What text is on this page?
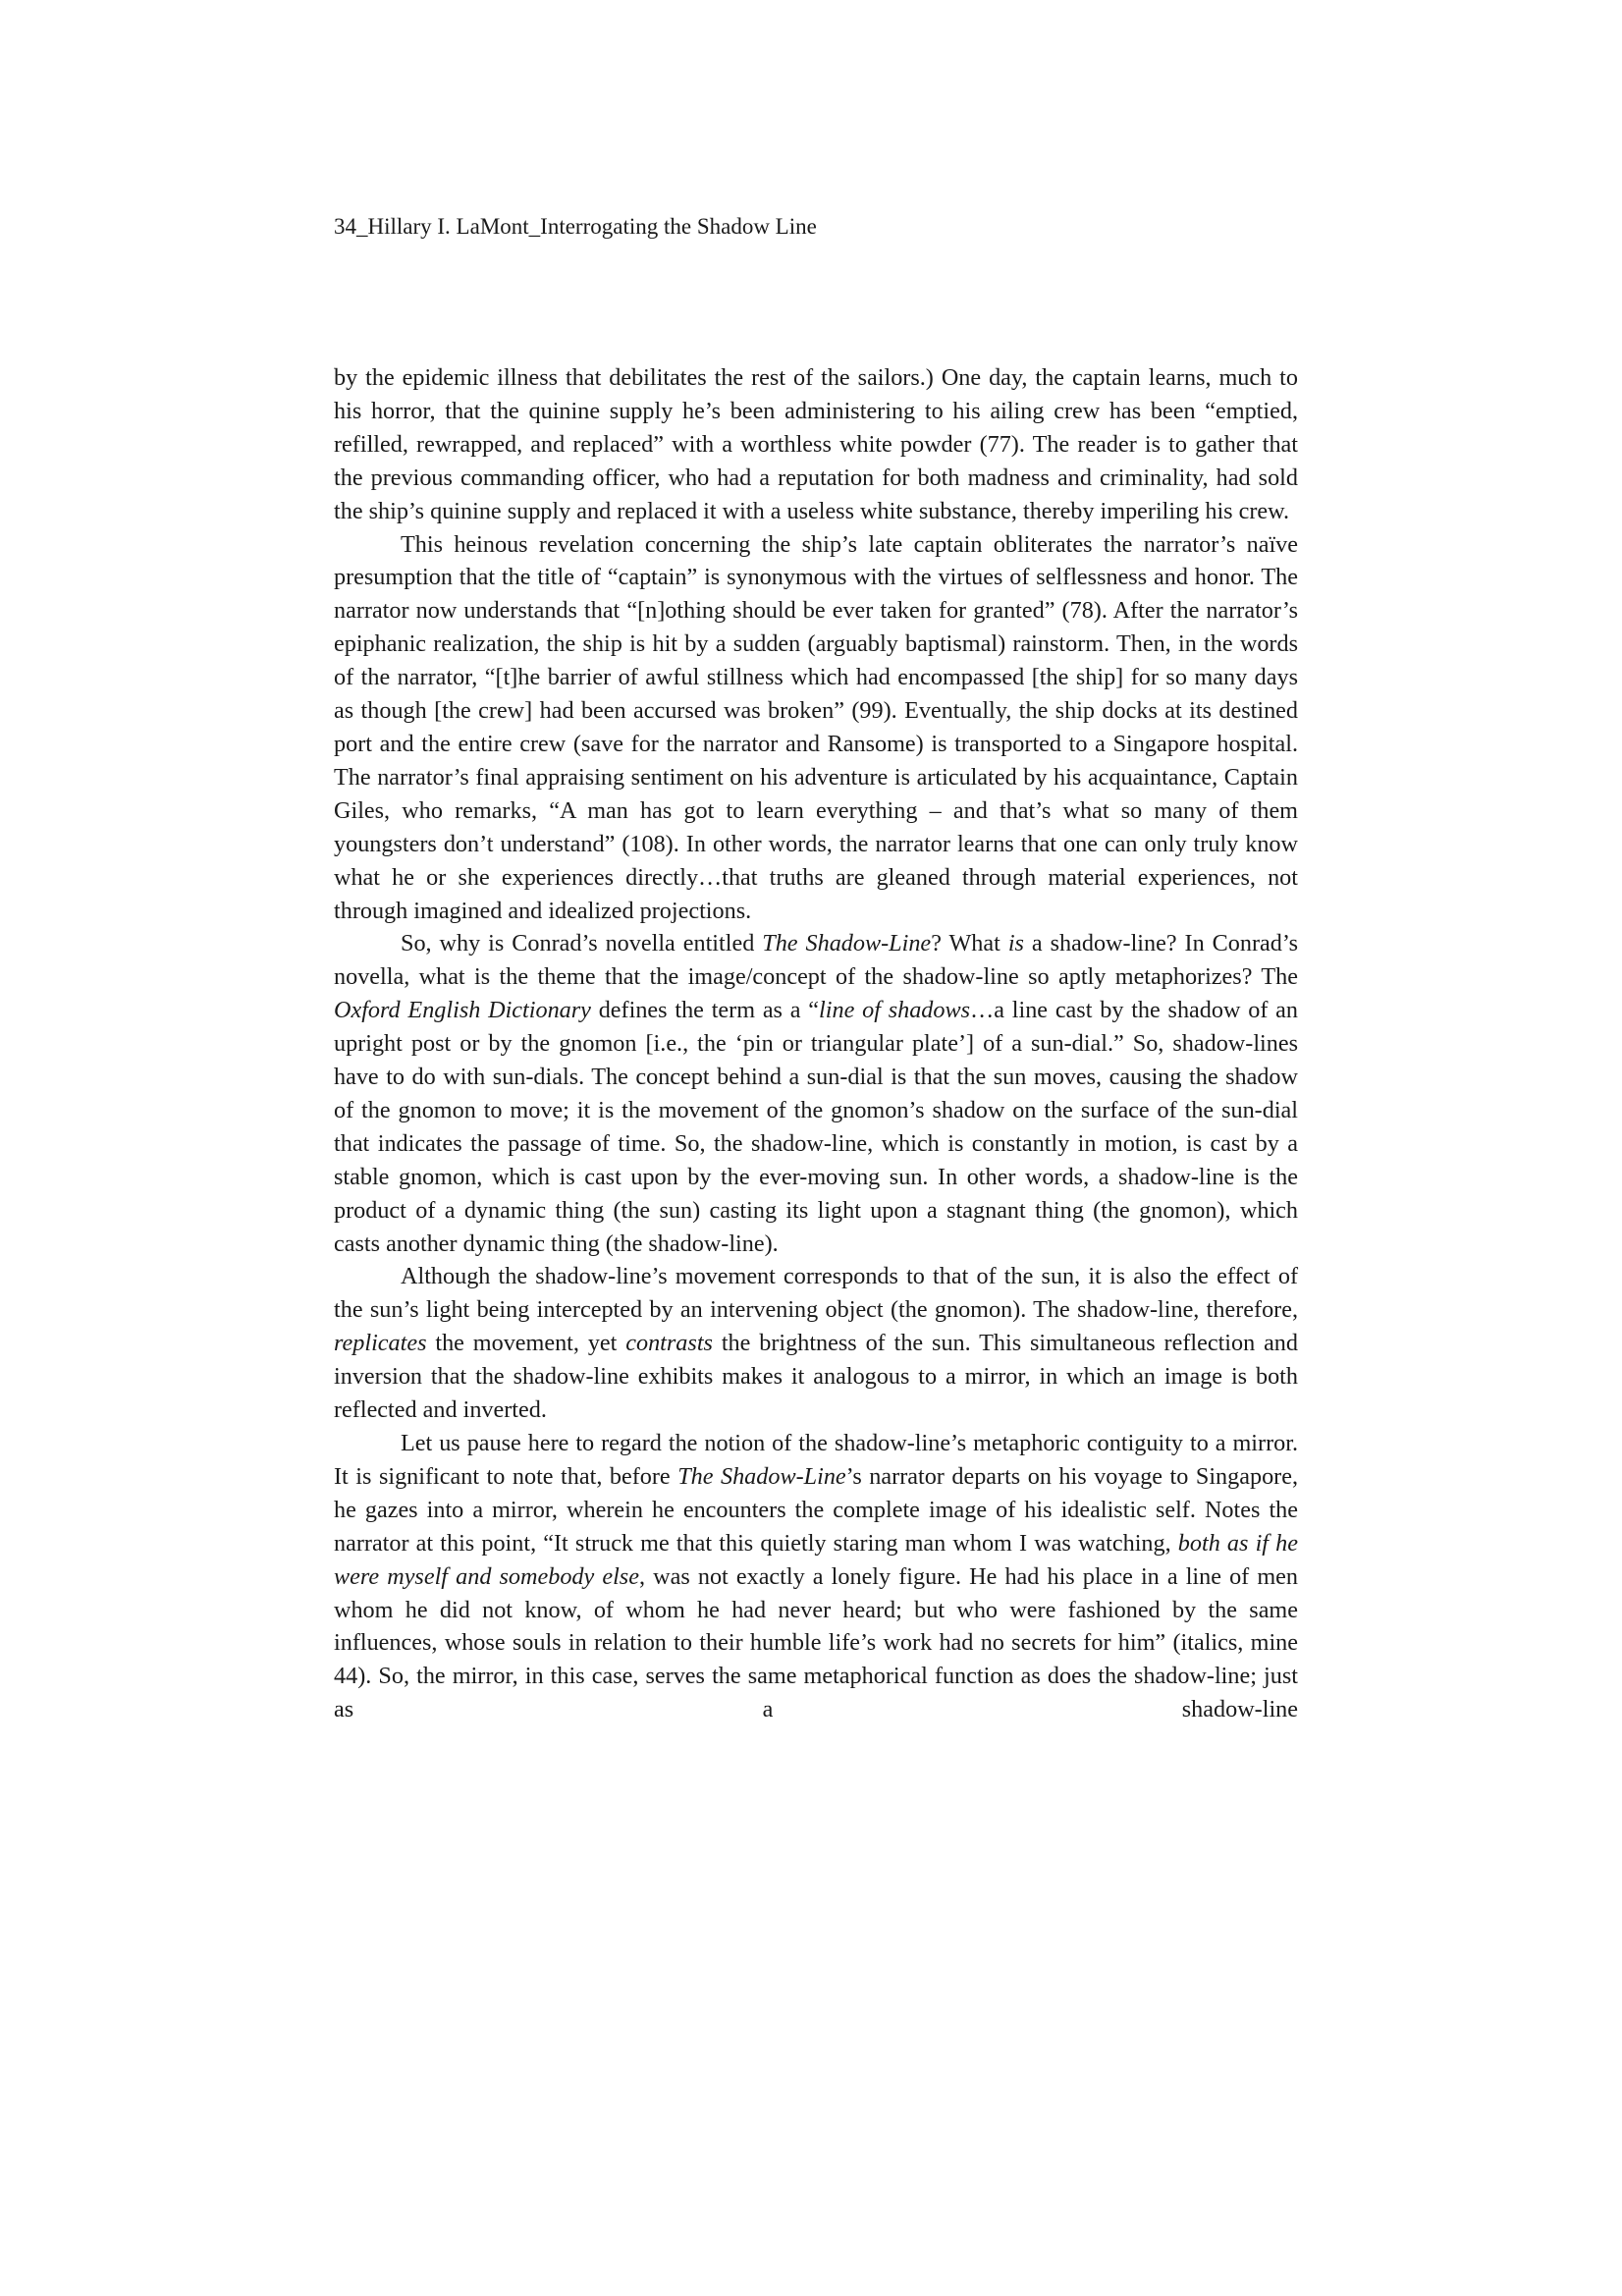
34_Hillary I. LaMont_Interrogating the Shadow Line

by the epidemic illness that debilitates the rest of the sailors.) One day, the captain learns, much to his horror, that the quinine supply he’s been administering to his ailing crew has been “emptied, refilled, rewrapped, and replaced” with a worthless white powder (77). The reader is to gather that the previous commanding officer, who had a reputation for both madness and criminality, had sold the ship’s quinine supply and replaced it with a useless white substance, thereby imperiling his crew.

This heinous revelation concerning the ship’s late captain obliterates the narrator’s naïve presumption that the title of “captain” is synonymous with the virtues of selflessness and honor. The narrator now understands that “[n]othing should be ever taken for granted” (78). After the narrator’s epiphanic realization, the ship is hit by a sudden (arguably baptismal) rainstorm. Then, in the words of the narrator, “[t]he barrier of awful stillness which had encompassed [the ship] for so many days as though [the crew] had been accursed was broken” (99). Eventually, the ship docks at its destined port and the entire crew (save for the narrator and Ransome) is transported to a Singapore hospital. The narrator’s final appraising sentiment on his adventure is articulated by his acquaintance, Captain Giles, who remarks, “A man has got to learn everything – and that’s what so many of them youngsters don’t understand” (108). In other words, the narrator learns that one can only truly know what he or she experiences directly…that truths are gleaned through material experiences, not through imagined and idealized projections.

So, why is Conrad’s novella entitled The Shadow-Line? What is a shadow-line? In Conrad’s novella, what is the theme that the image/concept of the shadow-line so aptly metaphorizes? The Oxford English Dictionary defines the term as a “line of shadows…a line cast by the shadow of an upright post or by the gnomon [i.e., the ‘pin or triangular plate’] of a sun-dial.” So, shadow-lines have to do with sun-dials. The concept behind a sun-dial is that the sun moves, causing the shadow of the gnomon to move; it is the movement of the gnomon’s shadow on the surface of the sun-dial that indicates the passage of time. So, the shadow-line, which is constantly in motion, is cast by a stable gnomon, which is cast upon by the ever-moving sun. In other words, a shadow-line is the product of a dynamic thing (the sun) casting its light upon a stagnant thing (the gnomon), which casts another dynamic thing (the shadow-line).

Although the shadow-line’s movement corresponds to that of the sun, it is also the effect of the sun’s light being intercepted by an intervening object (the gnomon). The shadow-line, therefore, replicates the movement, yet contrasts the brightness of the sun. This simultaneous reflection and inversion that the shadow-line exhibits makes it analogous to a mirror, in which an image is both reflected and inverted.

Let us pause here to regard the notion of the shadow-line’s metaphoric contiguity to a mirror. It is significant to note that, before The Shadow-Line’s narrator departs on his voyage to Singapore, he gazes into a mirror, wherein he encounters the complete image of his idealistic self. Notes the narrator at this point, “It struck me that this quietly staring man whom I was watching, both as if he were myself and somebody else, was not exactly a lonely figure. He had his place in a line of men whom he did not know, of whom he had never heard; but who were fashioned by the same influences, whose souls in relation to their humble life’s work had no secrets for him” (italics, mine 44). So, the mirror, in this case, serves the same metaphorical function as does the shadow-line; just as a shadow-line
